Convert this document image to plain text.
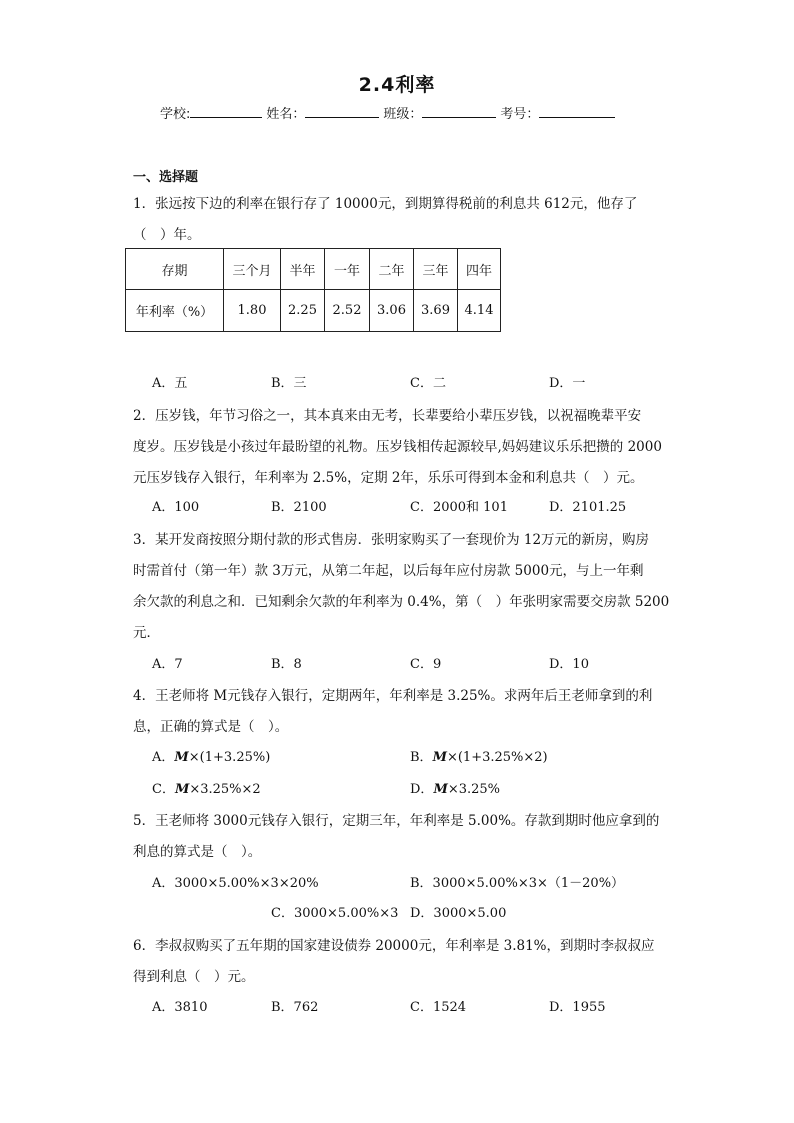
2.4利率
学校:	姓名：	班级：	考号：
一、选择题
1．张远按下边的利率在银行存了 10000元，到期算得税前的利息共 612元，他存了
（　）年。
存期	三个月	半年	一年	二年	三年	四年
年利率（%）	1.80	2.25	2.52	3.06	3.69	4.14
A．五	B．三	C．二	D．一
2．压岁钱，年节习俗之一，其本真来由无考，长辈要给小辈压岁钱，以祝福晚辈平安
度岁。压岁钱是小孩过年最盼望的礼物。压岁钱相传起源较早,妈妈建议乐乐把攒的 2000
元压岁钱存入银行，年利率为 2.5%，定期 2年，乐乐可得到本金和利息共（　）元。
A．100	B．2100	C．2000和 101	D．2101.25
3．某开发商按照分期付款的形式售房．张明家购买了一套现价为 12万元的新房，购房
时需首付（第一年）款 3万元，从第二年起，以后每年应付房款 5000元，与上一年剩
余欠款的利息之和．已知剩余欠款的年利率为 0.4%，第（　）年张明家需要交房款 5200
元．
A．7	B．8	C．9	D．10
4．王老师将 M元钱存入银行，定期两年，年利率是 3.25%。求两年后王老师拿到的利
息，正确的算式是（　）。
A．M×(1+3.25%)	B．M×(1+3.25%×2)
C．M×3.25%×2	D．M×3.25%
5．王老师将 3000元钱存入银行，定期三年，年利率是 5.00%。存款到期时他应拿到的
利息的算式是（　）。
A．3000×5.00%×3×20%	B．3000×5.00%×3×（1－20%）
C．3000×5.00%×3 D．3000×5.00
6．李叔叔购买了五年期的国家建设债券 20000元，年利率是 3.81%，到期时李叔叔应
得到利息（　）元。
A．3810	B．762	C．1524	D．1955
